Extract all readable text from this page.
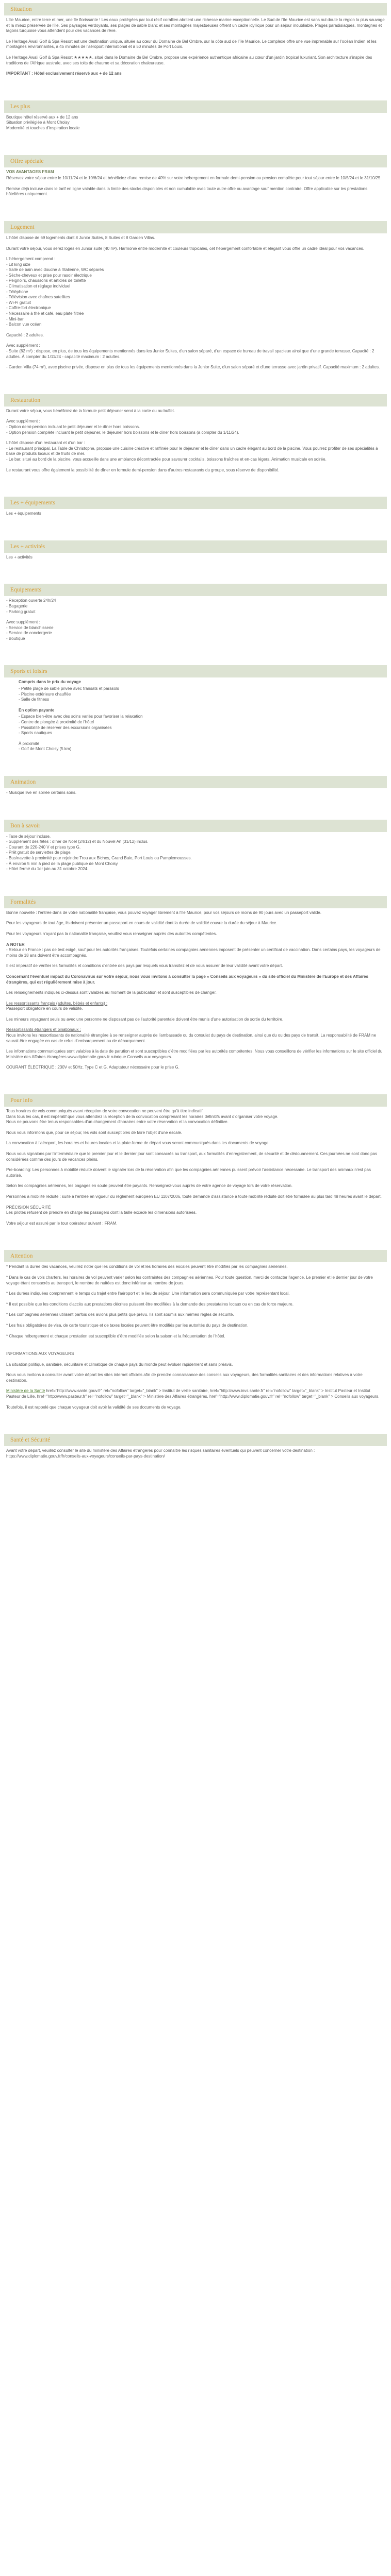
Situation

L'Ile Maurice, entre terre et mer, une île florissante ! Les eaux protégées par tout récif corallien abritent une richesse marine exceptionnelle. Le Sud de l'île Maurice est sans nul doute la région la plus sauvage et la mieux préservée de l'île. Ses paysages verdoyants, ses plages de sable blanc et ses montagnes majestueuses offrent un cadre idyllique pour un séjour inoubliable. Plages paradisiaques, montagnes et lagons turquoise vous attendent pour des vacances de rêve.

Le Heritage Awali Golf & Spa Resort est une destination unique, située au cœur du Domaine de Bel Ombre, sur la côte sud de l'île Maurice. Le complexe offre une vue imprenable sur l'océan Indien et les montagnes environnantes, à 45 minutes de l'aéroport international et à 50 minutes de Port Louis.

Le Heritage Awali Golf & Spa Resort ★★★★★, situé dans le Domaine de Bel Ombre, propose une expérience authentique africaine au cœur d'un jardin tropical luxuriant. Son architecture s'inspire des traditions de l'Afrique australe, avec ses toits de chaume et sa décoration chaleureuse.

IMPORTANT : Hôtel exclusivement réservé aux + de 12 ans

Les plus
Boutique hôtel réservé aux + de 12 ans
Situation privilégiée à Mont Choisy
Modernité et touches d'inspiration locale
Offre spéciale

VOS AVANTAGES FRAM

Réservez votre séjour entre le 10/11/24 et le 10/6/24 et bénéficiez d'une remise de 40% sur votre hébergement en formule demi-pension ou pension complète pour tout séjour entre le 10/5/24 et le 31/10/25.

Remise déjà incluse dans le tarif en ligne valable dans la limite des stocks disponibles et non cumulable avec toute autre offre ou avantage sauf mention contraire. Offre applicable sur les prestations hôtelières uniquement.

Logement

L'hôtel dispose de 69 logements dont 8 Junior Suites, 8 Suites et 8 Garden Villas.

Durant votre séjour, vous serez logés en Junior suite (40 m²). Harmonie entre modernité et couleurs tropicales, cet hébergement confortable et élégant vous offre un cadre idéal pour vos vacances.

L'hébergement comprend :

- Lit king size
- Salle de bain avec douche à l'italienne, WC séparés
- Sèche-cheveux et prise pour rasoir électrique
- Peignoirs, chaussons et articles de toilette
- Climatisation et réglage individuel
- Téléphone
- Télévision avec chaînes satellites
- Wi-Fi gratuit
- Coffre-fort électronique
- Nécessaire à thé et café, eau plate filtrée
- Mini-bar
- Balcon vue océan

Capacité : 2 adultes.

Avec supplément :

- Suite (62 m²) : dispose, en plus, de tous les équipements mentionnés dans les Junior Suites, d'un salon séparé, d'un espace de bureau de travail spacieux ainsi que d'une grande terrasse. Capacité : 2 adultes. À compter du 1/11/24 - capacité maximum : 2 adultes.

- Garden Villa (74 m²), avec piscine privée, dispose en plus de tous les équipements mentionnés dans la Junior Suite, d'un salon séparé et d'une terrasse avec jardin privatif. Capacité maximum : 2 adultes.

Restauration

Durant votre séjour, vous bénéficiez de la formule petit déjeuner servi à la carte ou au buffet.

Avec supplément :

- Option demi-pension incluant le petit déjeuner et le dîner hors boissons.
- Option pension complète incluant le petit déjeuner, le déjeuner hors boissons et le dîner hors boissons (à compter du 1/11/24).

L'hôtel dispose d'un restaurant et d'un bar :

- Le restaurant principal, La Table de Christophe, propose une cuisine créative et raffinée pour le déjeuner et le dîner dans un cadre élégant au bord de la piscine. Vous pourrez profiter de ses spécialités à base de produits locaux et de fruits de mer.

- Le bar, situé au bord de la piscine, vous accueille dans une ambiance décontractée pour savourer cocktails, boissons fraîches et en-cas légers. Animation musicale en soirée.

Le restaurant vous offre également la possibilité de dîner en formule demi-pension dans d'autres restaurants du groupe, sous réserve de disponibilité.

Les + équipements

Les + équipements

Les + activités

Les + activités

Equipements
- Réception ouverte 24h/24
- Bagagerie
- Parking gratuit

Avec supplément :

- Service de blanchisserie
- Service de conciergerie
- Boutique
Sports et loisirs

Compris dans le prix du voyage

- Petite plage de sable privée avec transats et parasols
- Piscine extérieure chauffée
- Salle de fitness

En option payante

- Espace bien-être avec des soins variés pour favoriser la relaxation
- Centre de plongée à proximité de l'hôtel
- Possibilité de réserver des excursions organisées
- Sports nautiques

À proximité

- Golf de Mont Choisy (5 km)
Animation

- Musique live en soirée certains soirs.

Bon à savoir
- Taxe de séjour incluse.
- Supplément des fêtes : dîner de Noël (24/12) et du Nouvel An (31/12) inclus.
- Courant de 220-240 V et prises type G.
- Prêt gratuit de serviettes de plage.
- Bus/navette à proximité pour rejoindre Trou aux Biches, Grand Baie, Port Louis ou Pamplemousses.
- À environ 5 min à pied de la plage publique de Mont Choisy.
- Hôtel fermé du 1er juin au 31 octobre 2024.
Formalités

Bonne nouvelle : l'entrée dans de votre nationalité française, vous pouvez voyager librement à l'île Maurice, pour vos séjours de moins de 90 jours avec un passeport valide.

Pour les voyageurs de tout âge, ils doivent présenter un passeport en cours de validité dont la durée de validité couvre la durée du séjour à Maurice.

Pour les voyageurs n'ayant pas la nationalité française, veuillez vous renseigner auprès des autorités compétentes.

A NOTER

- Retour en France : pas de test exigé, sauf pour les autorités françaises. Toutefois certaines compagnies aériennes imposent de présenter un certificat de vaccination. Dans certains pays, les voyageurs de moins de 18 ans doivent être accompagnés.

Il est impératif de vérifier les formalités et conditions d'entrée des pays par lesquels vous transitez et de vous assurer de leur validité avant votre départ.

Concernant l'éventuel impact du Coronavirus sur votre séjour, nous vous invitons à consulter la page « Conseils aux voyageurs » du site officiel du Ministère de l'Europe et des Affaires étrangères, qui est régulièrement mise à jour.

Les renseignements indiqués ci-dessus sont valables au moment de la publication et sont susceptibles de changer.

Les ressortissants français (adultes, bébés et enfants) :

Passeport obligatoire en cours de validité.

Les mineurs voyageant seuls ou avec une personne ne disposant pas de l'autorité parentale doivent être munis d'une autorisation de sortie du territoire.

Ressortissants étrangers et binationaux :

Nous invitons les ressortissants de nationalité étrangère à se renseigner auprès de l'ambassade ou du consulat du pays de destination, ainsi que du ou des pays de transit. La responsabilité de FRAM ne saurait être engagée en cas de refus d'embarquement ou de débarquement.

Les informations communiquées sont valables à la date de parution et sont susceptibles d'être modifiées par les autorités compétentes. Nous vous conseillons de vérifier les informations sur le site officiel du Ministère des Affaires étrangères www.diplomatie.gouv.fr rubrique Conseils aux voyageurs.

COURANT ÉLECTRIQUE : 230V et 50Hz. Type C et G. Adaptateur nécessaire pour le prise G.

Pour info

Tous horaires de vols communiqués avant réception de votre convocation ne peuvent être qu'à titre indicatif.

Dans tous les cas, il est impératif que vous attendiez la réception de la convocation comprenant les horaires définitifs avant d'organiser votre voyage.

Nous ne pouvons être tenus responsables d'un changement d'horaires entre votre réservation et la convocation définitive.

Nous vous informons que, pour ce séjour, les vols sont susceptibles de faire l'objet d'une escale.

La convocation à l'aéroport, les horaires et heures locales et la plate-forme de départ vous seront communiqués dans les documents de voyage.

Nous vous signalons par l'intermédiaire que le premier jour et le dernier jour sont consacrés au transport, aux formalités d'enregistrement, de sécurité et de dédouanement. Ces journées ne sont donc pas considérées comme des jours de vacances pleins.

Pre-boarding: Les personnes à mobilité réduite doivent le signaler lors de la réservation afin que les compagnies aériennes puissent prévoir l'assistance nécessaire. Le transport des animaux n'est pas autorisé.

Selon les compagnies aériennes, les bagages en soute peuvent être payants. Renseignez-vous auprès de votre agence de voyage lors de votre réservation.

Personnes à mobilité réduite : suite à l'entrée en vigueur du règlement européen EU 1107/2006, toute demande d'assistance à toute mobilité réduite doit être formulée au plus tard 48 heures avant le départ.

PRÉCISION SÉCURITÉ

Les pilotes refusent de prendre en charge les passagers dont la taille excède les dimensions autorisées.

Votre séjour est assuré par le tour opérateur suivant : FRAM.

Attention

* Pendant la durée des vacances, veuillez noter que les conditions de vol et les horaires des escales peuvent être modifiés par les compagnies aériennes.

* Dans le cas de vols charters, les horaires de vol peuvent varier selon les contraintes des compagnies aériennes. Pour toute question, merci de contacter l'agence. Le premier et le dernier jour de votre voyage étant consacrés au transport, le nombre de nuitées est donc inférieur au nombre de jours.

* Les durées indiquées comprennent le temps du trajet entre l'aéroport et le lieu de séjour. Une information sera communiquée par votre représentant local.

* Il est possible que les conditions d'accès aux prestations décrites puissent être modifiées à la demande des prestataires locaux ou en cas de force majeure.

* Les compagnies aériennes utilisent parfois des avions plus petits que prévu. Ils sont soumis aux mêmes règles de sécurité.

* Les frais obligatoires de visa, de carte touristique et de taxes locales peuvent être modifiés par les autorités du pays de destination.

* Chaque hébergement et chaque prestation est susceptible d'être modifiée selon la saison et la fréquentation de l'hôtel.

INFORMATIONS AUX VOYAGEURS

La situation politique, sanitaire, sécuritaire et climatique de chaque pays du monde peut évoluer rapidement et sans préavis.

Nous vous invitons à consulter avant votre départ les sites internet officiels afin de prendre connaissance des conseils aux voyageurs, des formalités sanitaires et des informations relatives à votre destination.

Ministère de la Santé href="http://www.sante.gouv.fr" rel="nofollow" target="_blank" > Institut de veille sanitaire, href="http://www.invs.sante.fr" rel="nofollow" target="_blank" > Institut Pasteur et Institut Pasteur de Lille, href="http://www.pasteur.fr" rel="nofollow" target="_blank" > Ministère des Affaires étrangères, href="http://www.diplomatie.gouv.fr" rel="nofollow" target="_blank" > Conseils aux voyageurs.

Toutefois, il est rappelé que chaque voyageur doit avoir la validité de ses documents de voyage.

Santé et Sécurité

Avant votre départ, veuillez consulter le site du ministère des Affaires étrangères pour connaître les risques sanitaires éventuels qui peuvent concerner votre destination : https://www.diplomatie.gouv.fr/fr/conseils-aux-voyageurs/conseils-par-pays-destination/
